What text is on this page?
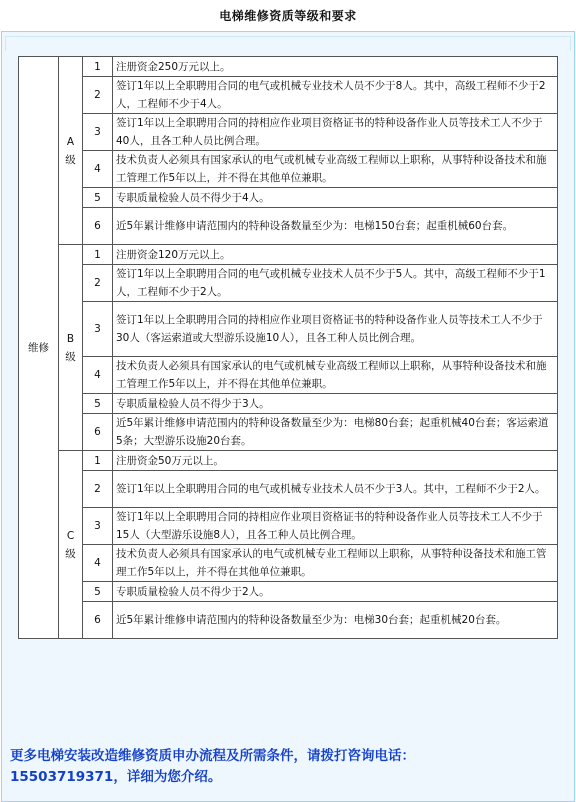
电梯维修资质等级和要求
维修	A级	1	注册资金250万元以上。
		2	签订1年以上全职聘用合同的电气或机械专业技术人员不少于8人。其中，高级工程师不少于2人，工程师不少于4人。
		3	签订1年以上全职聘用合同的持相应作业项目资格证书的特种设备作业人员等技术工人不少于40人，且各工种人员比例合理。
		4	技术负责人必须具有国家承认的电气或机械专业高级工程师以上职称，从事特种设备技术和施工管理工作5年以上，并不得在其他单位兼职。
		5	专职质量检验人员不得少于4人。
		6	近5年累计维修申请范围内的特种设备数量至少为：电梯150台套；起重机械60台套。
	B级	1	注册资金120万元以上。
		2	签订1年以上全职聘用合同的电气或机械专业技术人员不少于5人。其中，高级工程师不少于1人，工程师不少于2人。
		3	签订1年以上全职聘用合同的持相应作业项目资格证书的特种设备作业人员等技术工人不少于30人（客运索道或大型游乐设施10人），且各工种人员比例合理。
		4	技术负责人必须具有国家承认的电气或机械专业高级工程师以上职称，从事特种设备技术和施工管理工作5年以上，并不得在其他单位兼职。
		5	专职质量检验人员不得少于3人。
		6	近5年累计维修申请范围内的特种设备数量至少为：电梯80台套；起重机械40台套；客运索道5条；大型游乐设施20台套。
	C级	1	注册资金50万元以上。
		2	签订1年以上全职聘用合同的电气或机械专业技术人员不少于3人。其中，工程师不少于2人。
		3	签订1年以上全职聘用合同的持相应作业项目资格证书的特种设备作业人员等技术工人不少于15人（大型游乐设施8人），且各工种人员比例合理。
		4	技术负责人必须具有国家承认的电气或机械专业工程师以上职称，从事特种设备技术和施工管理工作5年以上，并不得在其他单位兼职。
		5	专职质量检验人员不得少于2人。
		6	近5年累计维修申请范围内的特种设备数量至少为：电梯30台套；起重机械20台套。
更多电梯安装改造维修资质申办流程及所需条件，请拨打咨询电话：
15503719371，详细为您介绍。
